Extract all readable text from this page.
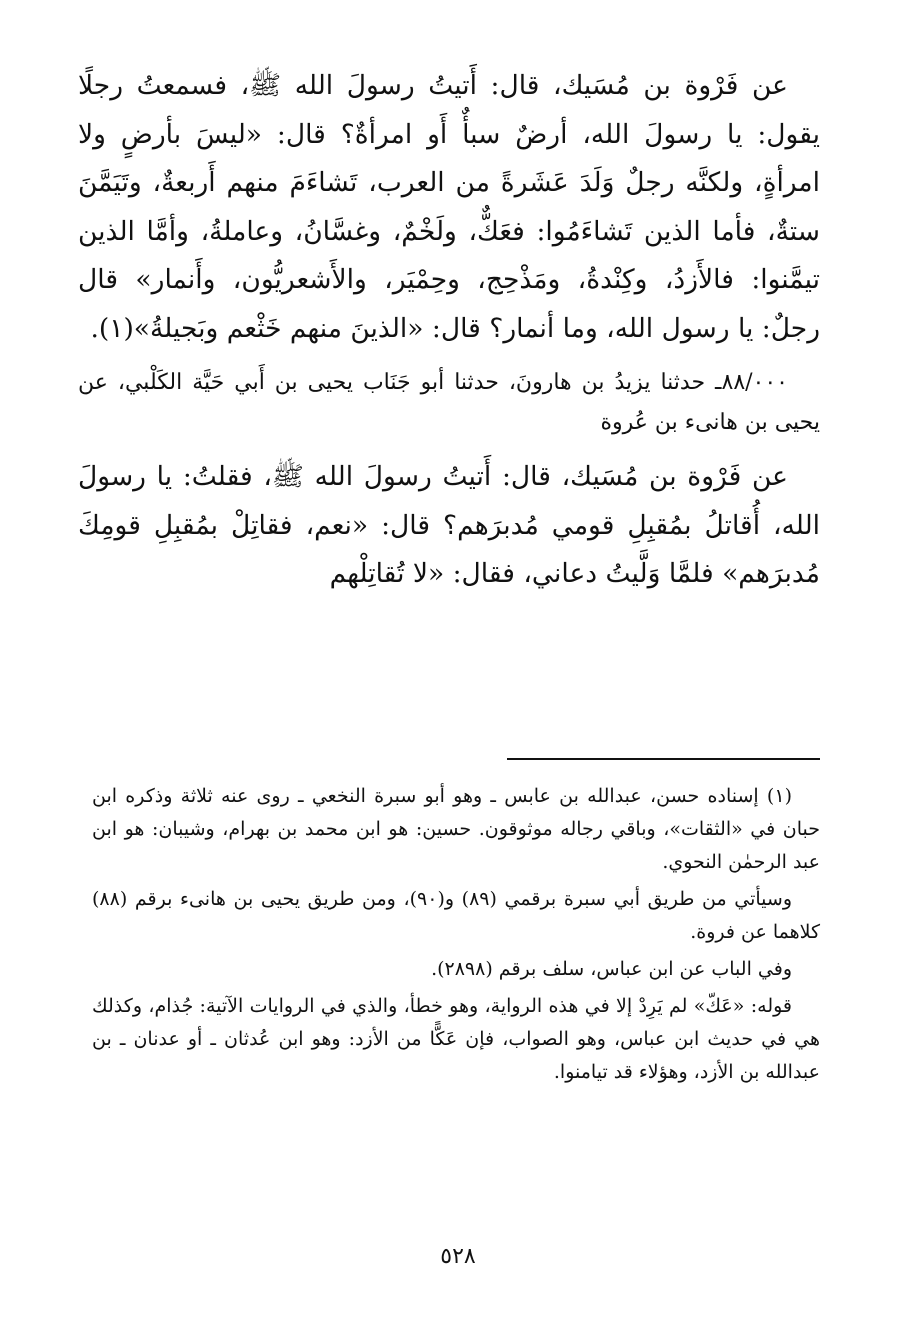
عن فَرْوة بن مُسَيك، قال: أَتيتُ رسولَ الله ﷺ، فسمعتُ رجلًا يقول: يا رسولَ الله، أرضٌ سبأٌ أَو امرأةٌ؟ قال: «ليسَ بأرضٍ ولا امرأةٍ، ولكنَّه رجلٌ وَلَدَ عَشَرةً من العرب، تَشاءَمَ منهم أَربعةٌ، وتَيَمَّنَ ستةٌ، فأما الذين تَشاءَمُوا: فعَكٌّ، ولَخْمٌ، وغسَّانُ، وعاملةُ، وأمَّا الذين تيمَّنوا: فالأَزدُ، وكِنْدةُ، ومَذْحِج، وحِمْيَر، والأَشعريُّون، وأَنمار» قال رجلٌ: يا رسول الله، وما أنمار؟ قال: «الذينَ منهم خَثْعم وبَجيلةُ»(١).

٨٨/٠٠٠ـ حدثنا يزيدُ بن هارونَ، حدثنا أبو جَنَاب يحيى بن أَبي حَيَّة الكَلْبي، عن يحيى بن هانىء بن عُروة

عن فَرْوة بن مُسَيك، قال: أَتيتُ رسولَ الله ﷺ، فقلتُ: يا رسولَ الله، أُقاتلُ بمُقبِلِ قومي مُدبرَهم؟ قال: «نعم، فقاتِلْ بمُقبِلِ قومِكَ مُدبرَهم» فلمَّا وَلَّيتُ دعاني، فقال: «لا تُقاتِلْهم

(١) إسناده حسن، عبدالله بن عابس ـ وهو أبو سبرة النخعي ـ روى عنه ثلاثة وذكره ابن حبان في «الثقات»، وباقي رجاله موثوقون. حسين: هو ابن محمد بن بهرام، وشيبان: هو ابن عبد الرحمٰن النحوي.

وسيأتي من طريق أبي سبرة برقمي (٨٩) و(٩٠)، ومن طريق يحيى بن هانىء برقم (٨٨) كلاهما عن فروة.

وفي الباب عن ابن عباس، سلف برقم (٢٨٩٨).

قوله: «عَكّ» لم يَرِدْ إلا في هذه الرواية، وهو خطأ، والذي في الروايات الآتية: جُذام، وكذلك هي في حديث ابن عباس، وهو الصواب، فإن عَكًّا من الأزد: وهو ابن عُدثان ـ أو عدنان ـ بن عبدالله بن الأزد، وهؤلاء قد تيامنوا.

٥٢٨
